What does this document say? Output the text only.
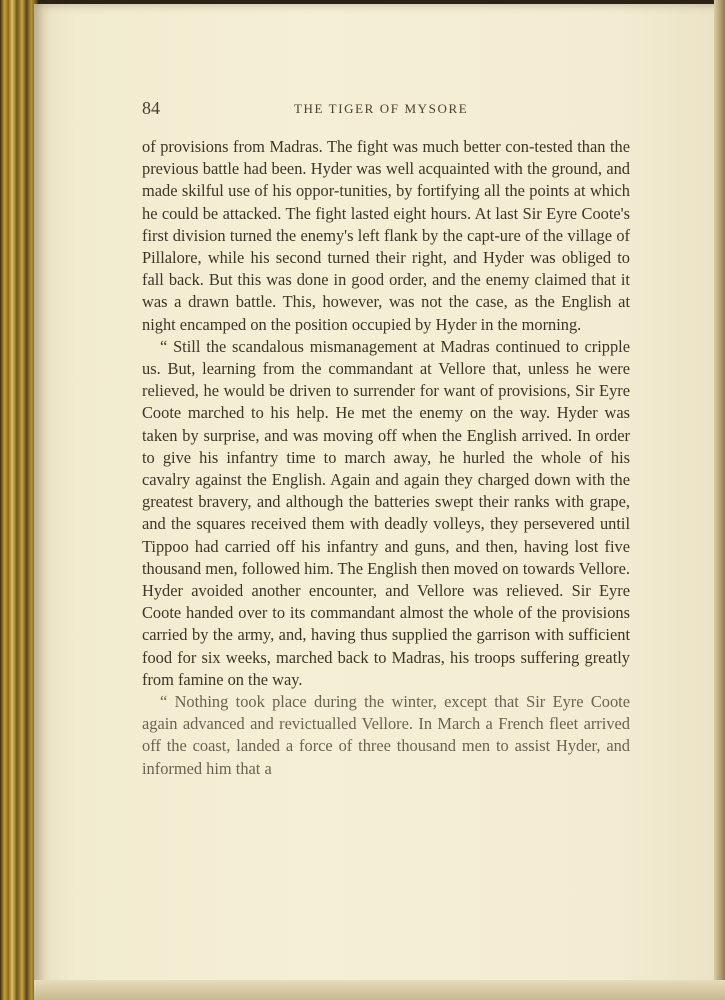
84	THE TIGER OF MYSORE

of provisions from Madras. The fight was much better con-tested than the previous battle had been. Hyder was well acquainted with the ground, and made skilful use of his oppor-tunities, by fortifying all the points at which he could be attacked. The fight lasted eight hours. At last Sir Eyre Coote's first division turned the enemy's left flank by the capt-ure of the village of Pillalore, while his second turned their right, and Hyder was obliged to fall back. But this was done in good order, and the enemy claimed that it was a drawn battle. This, however, was not the case, as the English at night encamped on the position occupied by Hyder in the morning.

“ Still the scandalous mismanagement at Madras continued to cripple us. But, learning from the commandant at Vellore that, unless he were relieved, he would be driven to surrender for want of provisions, Sir Eyre Coote marched to his help. He met the enemy on the way. Hyder was taken by surprise, and was moving off when the English arrived. In order to give his infantry time to march away, he hurled the whole of his cavalry against the English. Again and again they charged down with the greatest bravery, and although the batteries swept their ranks with grape, and the squares received them with deadly volleys, they persevered until Tippoo had carried off his infantry and guns, and then, having lost five thousand men, followed him. The English then moved on towards Vellore. Hyder avoided another encounter, and Vellore was relieved. Sir Eyre Coote handed over to its commandant almost the whole of the provisions carried by the army, and, having thus supplied the garrison with sufficient food for six weeks, marched back to Madras, his troops suffering greatly from famine on the way.

“ Nothing took place during the winter, except that Sir Eyre Coote again advanced and revictualled Vellore. In March a French fleet arrived off the coast, landed a force of three thousand men to assist Hyder, and informed him that a
